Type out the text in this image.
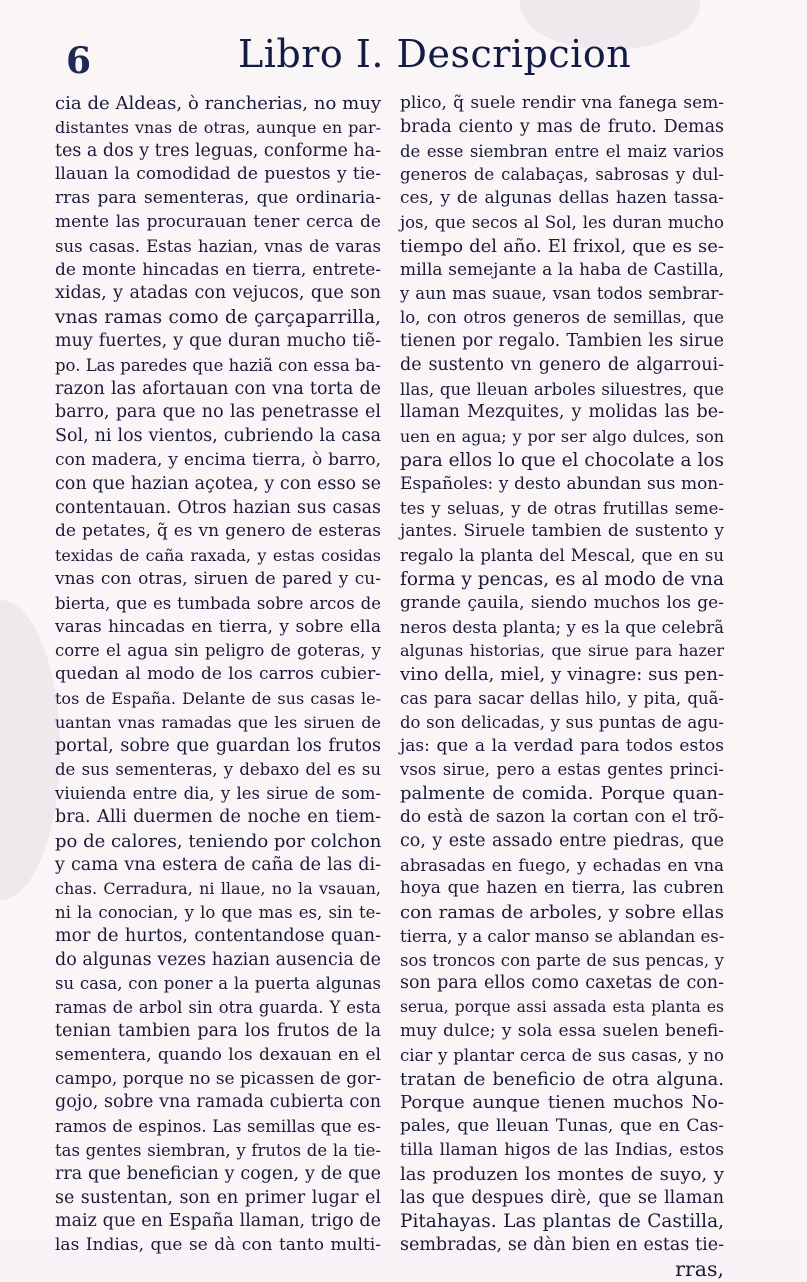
6	Libro I. Descripcion
cia de Aldeas, ò rancherias, no muy
distantes vnas de otras, aunque en par-
tes a dos y tres leguas, conforme ha-
llauan la comodidad de puestos y tie-
rras para sementeras, que ordinaria-
mente las procurauan tener cerca de
sus casas. Estas hazian, vnas de varas
de monte hincadas en tierra, entrete-
xidas, y atadas con vejucos, que son
vnas ramas como de çarçaparrilla,
muy fuertes, y que duran mucho tiẽ-
po. Las paredes que haziã con essa ba-
razon las afortauan con vna torta de
barro, para que no las penetrasse el
Sol, ni los vientos, cubriendo la casa
con madera, y encima tierra, ò barro,
con que hazian açotea, y con esso se
contentauan. Otros hazian sus casas
de petates, q̃ es vn genero de esteras
texidas de caña raxada, y estas cosidas
vnas con otras, siruen de pared y cu-
bierta, que es tumbada sobre arcos de
varas hincadas en tierra, y sobre ella
corre el agua sin peligro de goteras, y
quedan al modo de los carros cubier-
tos de España. Delante de sus casas le-
uantan vnas ramadas que les siruen de
portal, sobre que guardan los frutos
de sus sementeras, y debaxo del es su
viuienda entre dia, y les sirue de som-
bra. Alli duermen de noche en tiem-
po de calores, teniendo por colchon
y cama vna estera de caña de las di-
chas. Cerradura, ni llaue, no la vsauan,
ni la conocian, y lo que mas es, sin te-
mor de hurtos, contentandose quan-
do algunas vezes hazian ausencia de
su casa, con poner a la puerta algunas
ramas de arbol sin otra guarda. Y esta
tenian tambien para los frutos de la
sementera, quando los dexauan en el
campo, porque no se picassen de gor-
gojo, sobre vna ramada cubierta con
ramos de espinos. Las semillas que es-
tas gentes siembran, y frutos de la tie-
rra que benefician y cogen, y de que
se sustentan, son en primer lugar el
maiz que en España llaman, trigo de
las Indias, que se dà con tanto multi-
plico, q̃ suele rendir vna fanega sem-
brada ciento y mas de fruto. Demas
de esse siembran entre el maiz varios
generos de calabaças, sabrosas y dul-
ces, y de algunas dellas hazen tassa-
jos, que secos al Sol, les duran mucho
tiempo del año. El frixol, que es se-
milla semejante a la haba de Castilla,
y aun mas suaue, vsan todos sembrar-
lo, con otros generos de semillas, que
tienen por regalo. Tambien les sirue
de sustento vn genero de algarroui-
llas, que lleuan arboles siluestres, que
llaman Mezquites, y molidas las be-
uen en agua; y por ser algo dulces, son
para ellos lo que el chocolate a los
Españoles: y desto abundan sus mon-
tes y seluas, y de otras frutillas seme-
jantes. Siruele tambien de sustento y
regalo la planta del Mescal, que en su
forma y pencas, es al modo de vna
grande çauila, siendo muchos los ge-
neros desta planta; y es la que celebrã
algunas historias, que sirue para hazer
vino della, miel, y vinagre: sus pen-
cas para sacar dellas hilo, y pita, quã-
do son delicadas, y sus puntas de agu-
jas: que a la verdad para todos estos
vsos sirue, pero a estas gentes princi-
palmente de comida. Porque quan-
do està de sazon la cortan con el trõ-
co, y este assado entre piedras, que
abrasadas en fuego, y echadas en vna
hoya que hazen en tierra, las cubren
con ramas de arboles, y sobre ellas
tierra, y a calor manso se ablandan es-
sos troncos con parte de sus pencas, y
son para ellos como caxetas de con-
serua, porque assi assada esta planta es
muy dulce; y sola essa suelen benefi-
ciar y plantar cerca de sus casas, y no
tratan de beneficio de otra alguna.
Porque aunque tienen muchos No-
pales, que lleuan Tunas, que en Cas-
tilla llaman higos de las Indias, estos
las produzen los montes de suyo, y
las que despues dirè, que se llaman
Pitahayas. Las plantas de Castilla,
sembradas, se dàn bien en estas tie-
rras,
